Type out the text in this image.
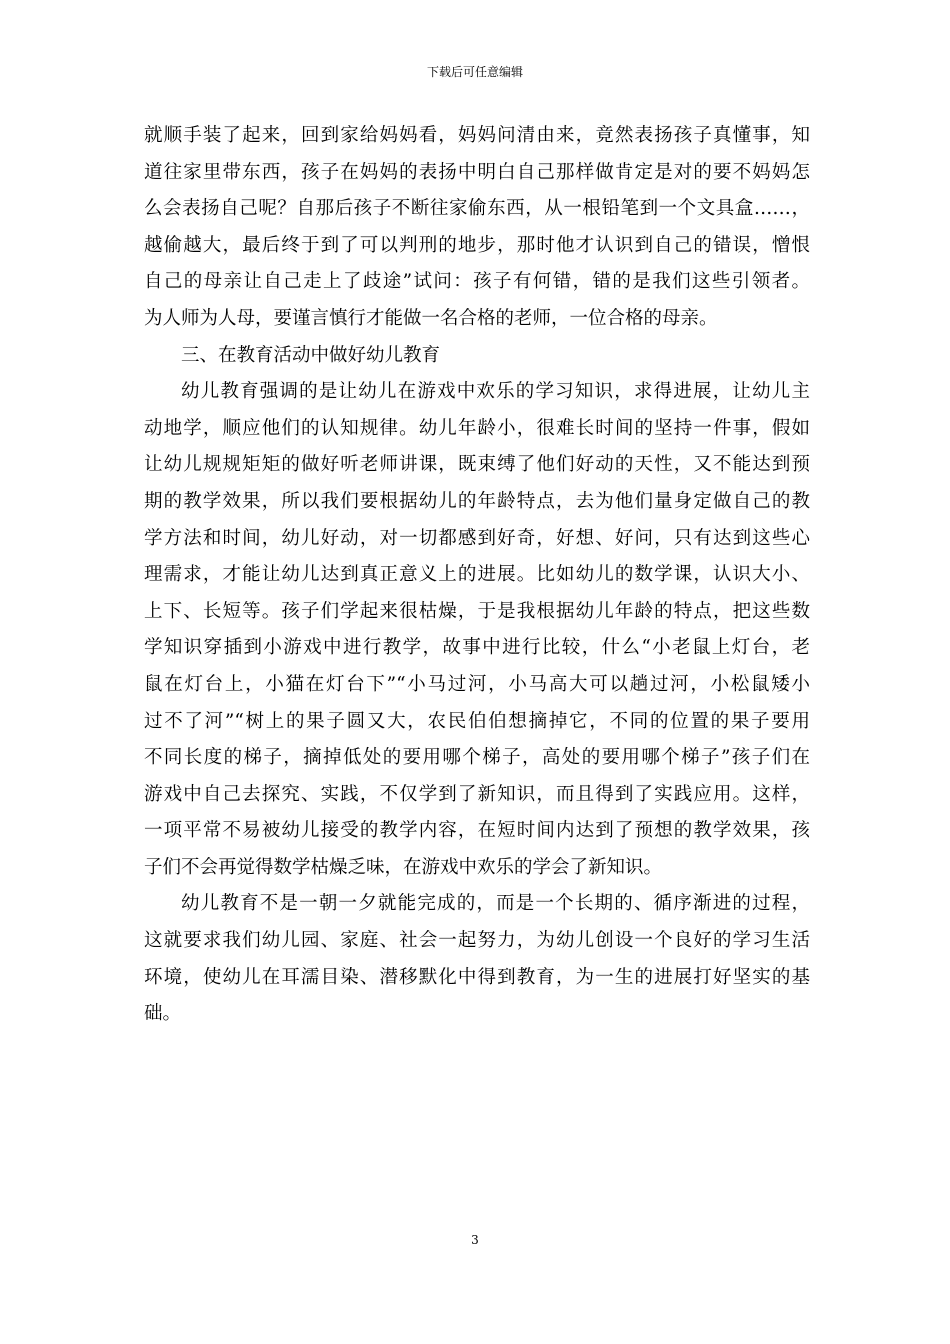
下载后可任意编辑
就顺手装了起来，回到家给妈妈看，妈妈问清由来，竟然表扬孩子真懂事，知
道往家里带东西，孩子在妈妈的表扬中明白自己那样做肯定是对的要不妈妈怎
么会表扬自己呢？自那后孩子不断往家偷东西，从一根铅笔到一个文具盒……，
越偷越大，最后终于到了可以判刑的地步，那时他才认识到自己的错误，憎恨
自己的母亲让自己走上了歧途”试问：孩子有何错，错的是我们这些引领者。
为人师为人母，要谨言慎行才能做一名合格的老师，一位合格的母亲。
三、在教育活动中做好幼儿教育
幼儿教育强调的是让幼儿在游戏中欢乐的学习知识，求得进展，让幼儿主
动地学，顺应他们的认知规律。幼儿年龄小，很难长时间的坚持一件事，假如
让幼儿规规矩矩的做好听老师讲课，既束缚了他们好动的天性，又不能达到预
期的教学效果，所以我们要根据幼儿的年龄特点，去为他们量身定做自己的教
学方法和时间，幼儿好动，对一切都感到好奇，好想、好问，只有达到这些心
理需求，才能让幼儿达到真正意义上的进展。比如幼儿的数学课，认识大小、
上下、长短等。孩子们学起来很枯燥，于是我根据幼儿年龄的特点，把这些数
学知识穿插到小游戏中进行教学，故事中进行比较，什么“小老鼠上灯台，老
鼠在灯台上，小猫在灯台下”“小马过河，小马高大可以趟过河，小松鼠矮小
过不了河”“树上的果子圆又大，农民伯伯想摘掉它，不同的位置的果子要用
不同长度的梯子，摘掉低处的要用哪个梯子，高处的要用哪个梯子”孩子们在
游戏中自己去探究、实践，不仅学到了新知识，而且得到了实践应用。这样，
一项平常不易被幼儿接受的教学内容，在短时间内达到了预想的教学效果，孩
子们不会再觉得数学枯燥乏味，在游戏中欢乐的学会了新知识。
幼儿教育不是一朝一夕就能完成的，而是一个长期的、循序渐进的过程，
这就要求我们幼儿园、家庭、社会一起努力，为幼儿创设一个良好的学习生活
环境，使幼儿在耳濡目染、潜移默化中得到教育，为一生的进展打好坚实的基
础。
3
